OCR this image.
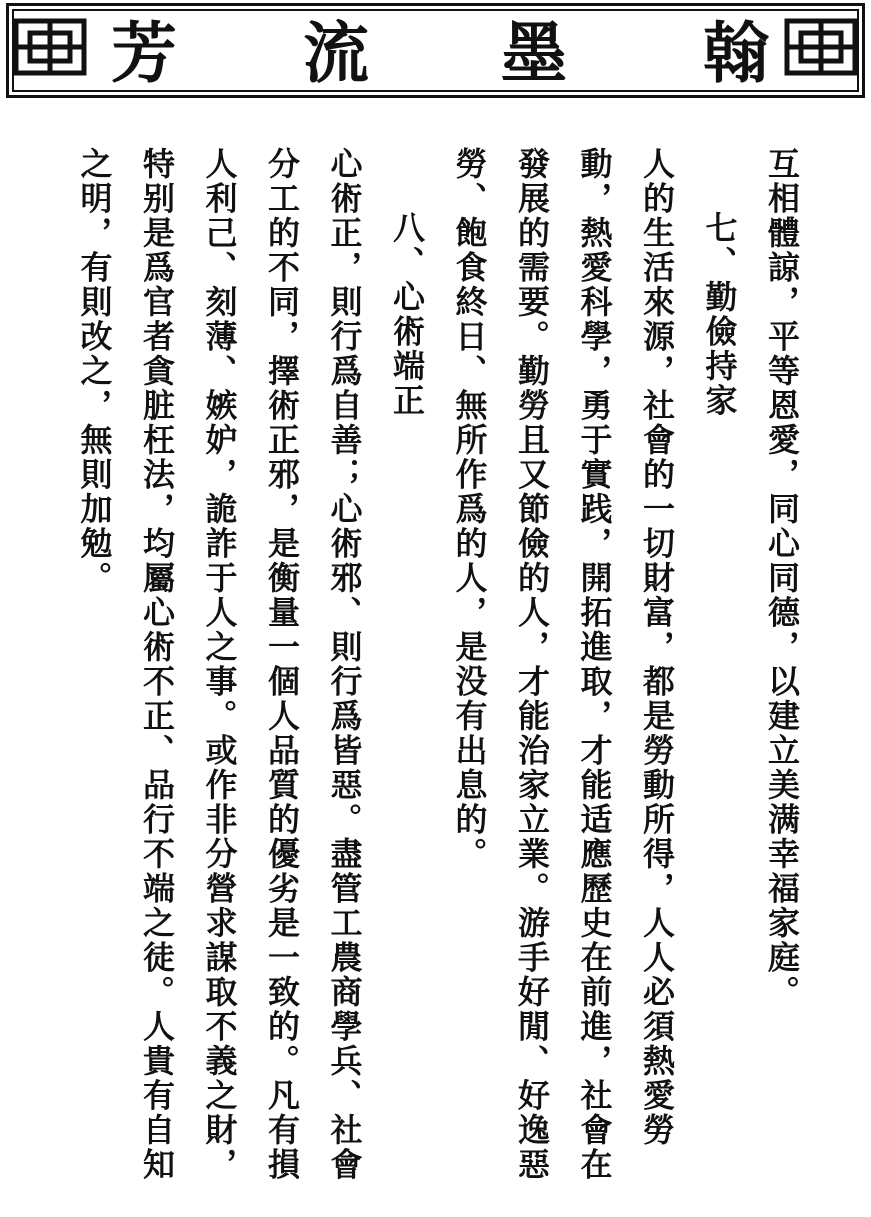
翰
墨
流
芳

互相體諒，平等恩愛，同心同德，以建立美满幸福家庭。

七、勤儉持家

人的生活來源，社會的一切財富，都是勞動所得，人人必須熱愛勞動，熱愛科學，勇于實践，開拓進取，才能适應歷史在前進，社會在發展的需要。勤勞且又節儉的人，才能治家立業。游手好閒、好逸惡勞、飽食終日、無所作爲的人，是没有出息的。

八、心術端正

心術正，則行爲自善；心術邪、則行爲皆惡。盡管工農商學兵、社會分工的不同，擇術正邪，是衡量一個人品質的優劣是一致的。凡有損人利己、刻薄、嫉妒，詭詐于人之事。或作非分營求謀取不義之財，特别是爲官者貪脏枉法，均屬心術不正、品行不端之徒。人貴有自知之明，有則改之，無則加勉。
